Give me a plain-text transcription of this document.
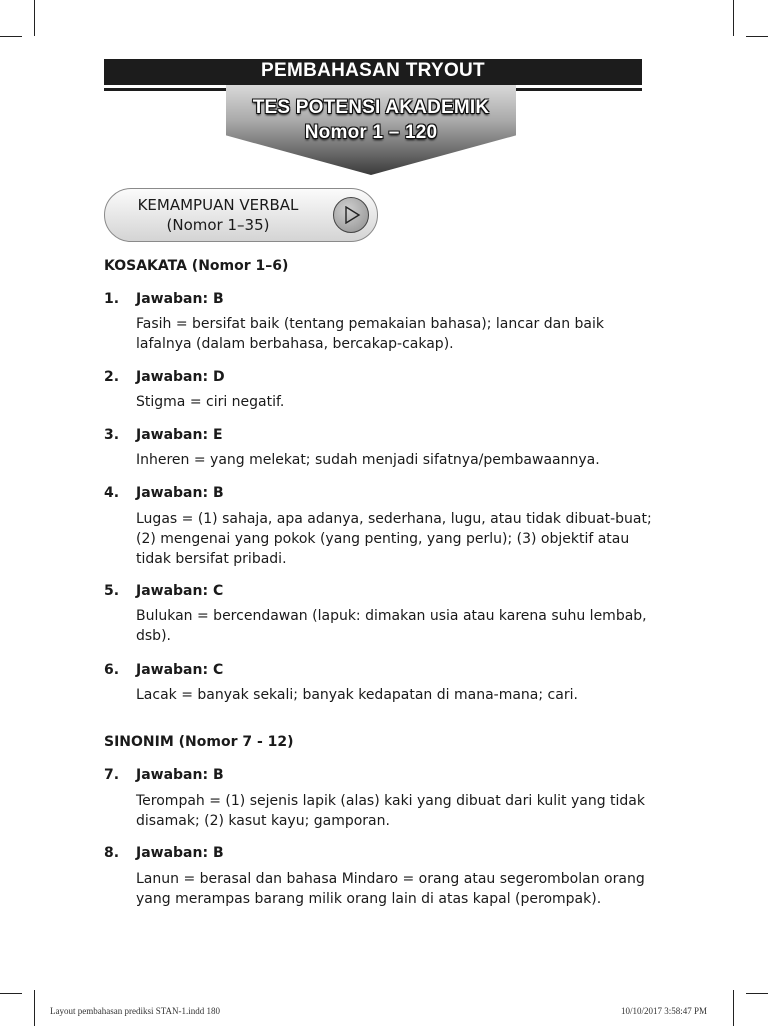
PEMBAHASAN TRYOUT
TES POTENSI AKADEMIK
Nomor 1 – 120
KEMAMPUAN VERBAL
(Nomor 1–35)
KOSAKATA (Nomor 1–6)
1. Jawaban: B
Fasih = bersifat baik (tentang pemakaian bahasa); lancar dan baik
lafalnya (dalam berbahasa, bercakap-cakap).
2. Jawaban: D
Stigma = ciri negatif.
3. Jawaban: E
Inheren = yang melekat; sudah menjadi sifatnya/pembawaannya.
4. Jawaban: B
Lugas = (1) sahaja, apa adanya, sederhana, lugu, atau tidak dibuat-buat;
(2) mengenai yang pokok (yang penting, yang perlu); (3) objektif atau
tidak bersifat pribadi.
5. Jawaban: C
Bulukan = bercendawan (lapuk: dimakan usia atau karena suhu lembab,
dsb).
6. Jawaban: C
Lacak = banyak sekali; banyak kedapatan di mana-mana; cari.
SINONIM (Nomor 7 - 12)
7. Jawaban: B
Terompah = (1) sejenis lapik (alas) kaki yang dibuat dari kulit yang tidak
disamak; (2) kasut kayu; gamporan.
8. Jawaban: B
Lanun = berasal dan bahasa Mindaro = orang atau segerombolan orang
yang merampas barang milik orang lain di atas kapal (perompak).
Layout pembahasan prediksi STAN-1.indd 180	10/10/2017 3:58:47 PM
